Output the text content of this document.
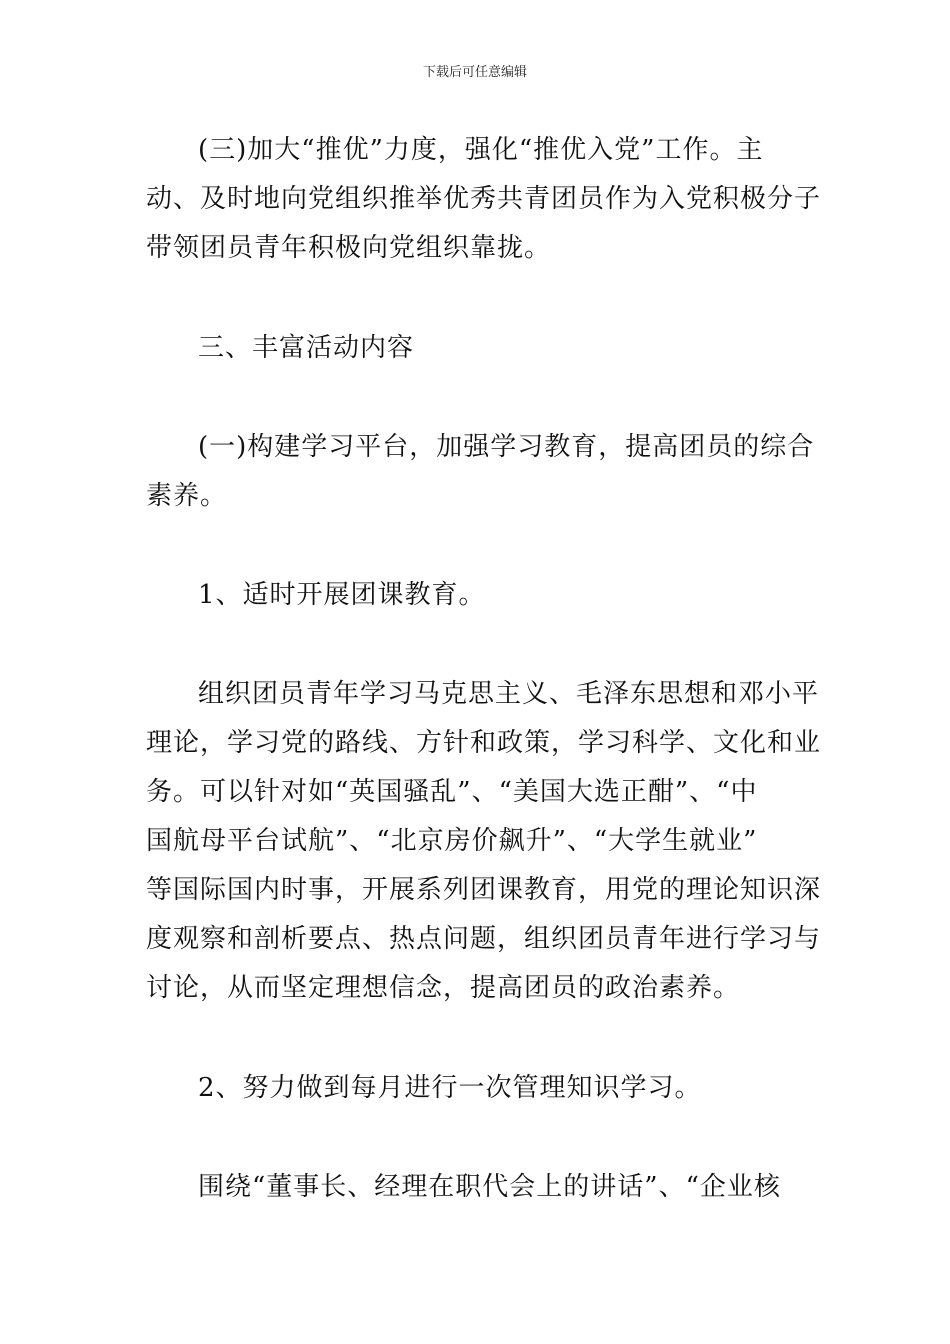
下载后可任意编辑
(三)加大“推优”力度，强化“推优入党”工作。主
动、及时地向党组织推举优秀共青团员作为入党积极分子
带领团员青年积极向党组织靠拢。
三、丰富活动内容
(一)构建学习平台，加强学习教育，提高团员的综合
素养。
1、适时开展团课教育。
组织团员青年学习马克思主义、毛泽东思想和邓小平
理论，学习党的路线、方针和政策，学习科学、文化和业
务。可以针对如“英国骚乱”、“美国大选正酣”、“中
国航母平台试航”、“北京房价飙升”、“大学生就业”
等国际国内时事，开展系列团课教育，用党的理论知识深
度观察和剖析要点、热点问题，组织团员青年进行学习与
讨论，从而坚定理想信念，提高团员的政治素养。
2、努力做到每月进行一次管理知识学习。
围绕“董事长、经理在职代会上的讲话”、“企业核
